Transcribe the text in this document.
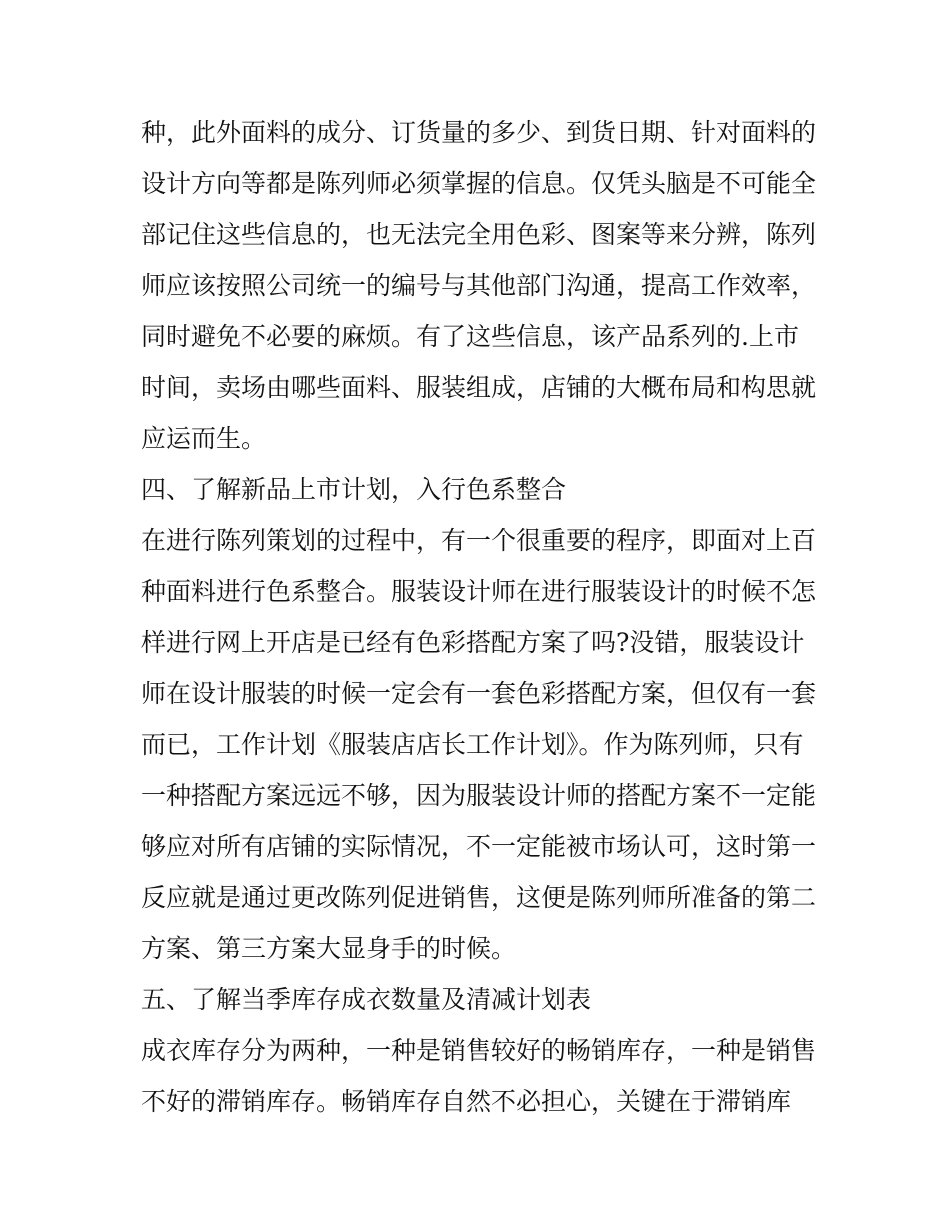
种，此外面料的成分、订货量的多少、到货日期、针对面料的
设计方向等都是陈列师必须掌握的信息。仅凭头脑是不可能全
部记住这些信息的，也无法完全用色彩、图案等来分辨，陈列
师应该按照公司统一的编号与其他部门沟通，提高工作效率，
同时避免不必要的麻烦。有了这些信息，该产品系列的.上市
时间，卖场由哪些面料、服装组成，店铺的大概布局和构思就
应运而生。
四、了解新品上市计划，入行色系整合
在进行陈列策划的过程中，有一个很重要的程序，即面对上百
种面料进行色系整合。服装设计师在进行服装设计的时候不怎
样进行网上开店是已经有色彩搭配方案了吗?没错，服装设计
师在设计服装的时候一定会有一套色彩搭配方案，但仅有一套
而已，工作计划《服装店店长工作计划》。作为陈列师，只有
一种搭配方案远远不够，因为服装设计师的搭配方案不一定能
够应对所有店铺的实际情况，不一定能被市场认可，这时第一
反应就是通过更改陈列促进销售，这便是陈列师所准备的第二
方案、第三方案大显身手的时候。
五、了解当季库存成衣数量及清减计划表
成衣库存分为两种，一种是销售较好的畅销库存，一种是销售
不好的滞销库存。畅销库存自然不必担心，关键在于滞销库
